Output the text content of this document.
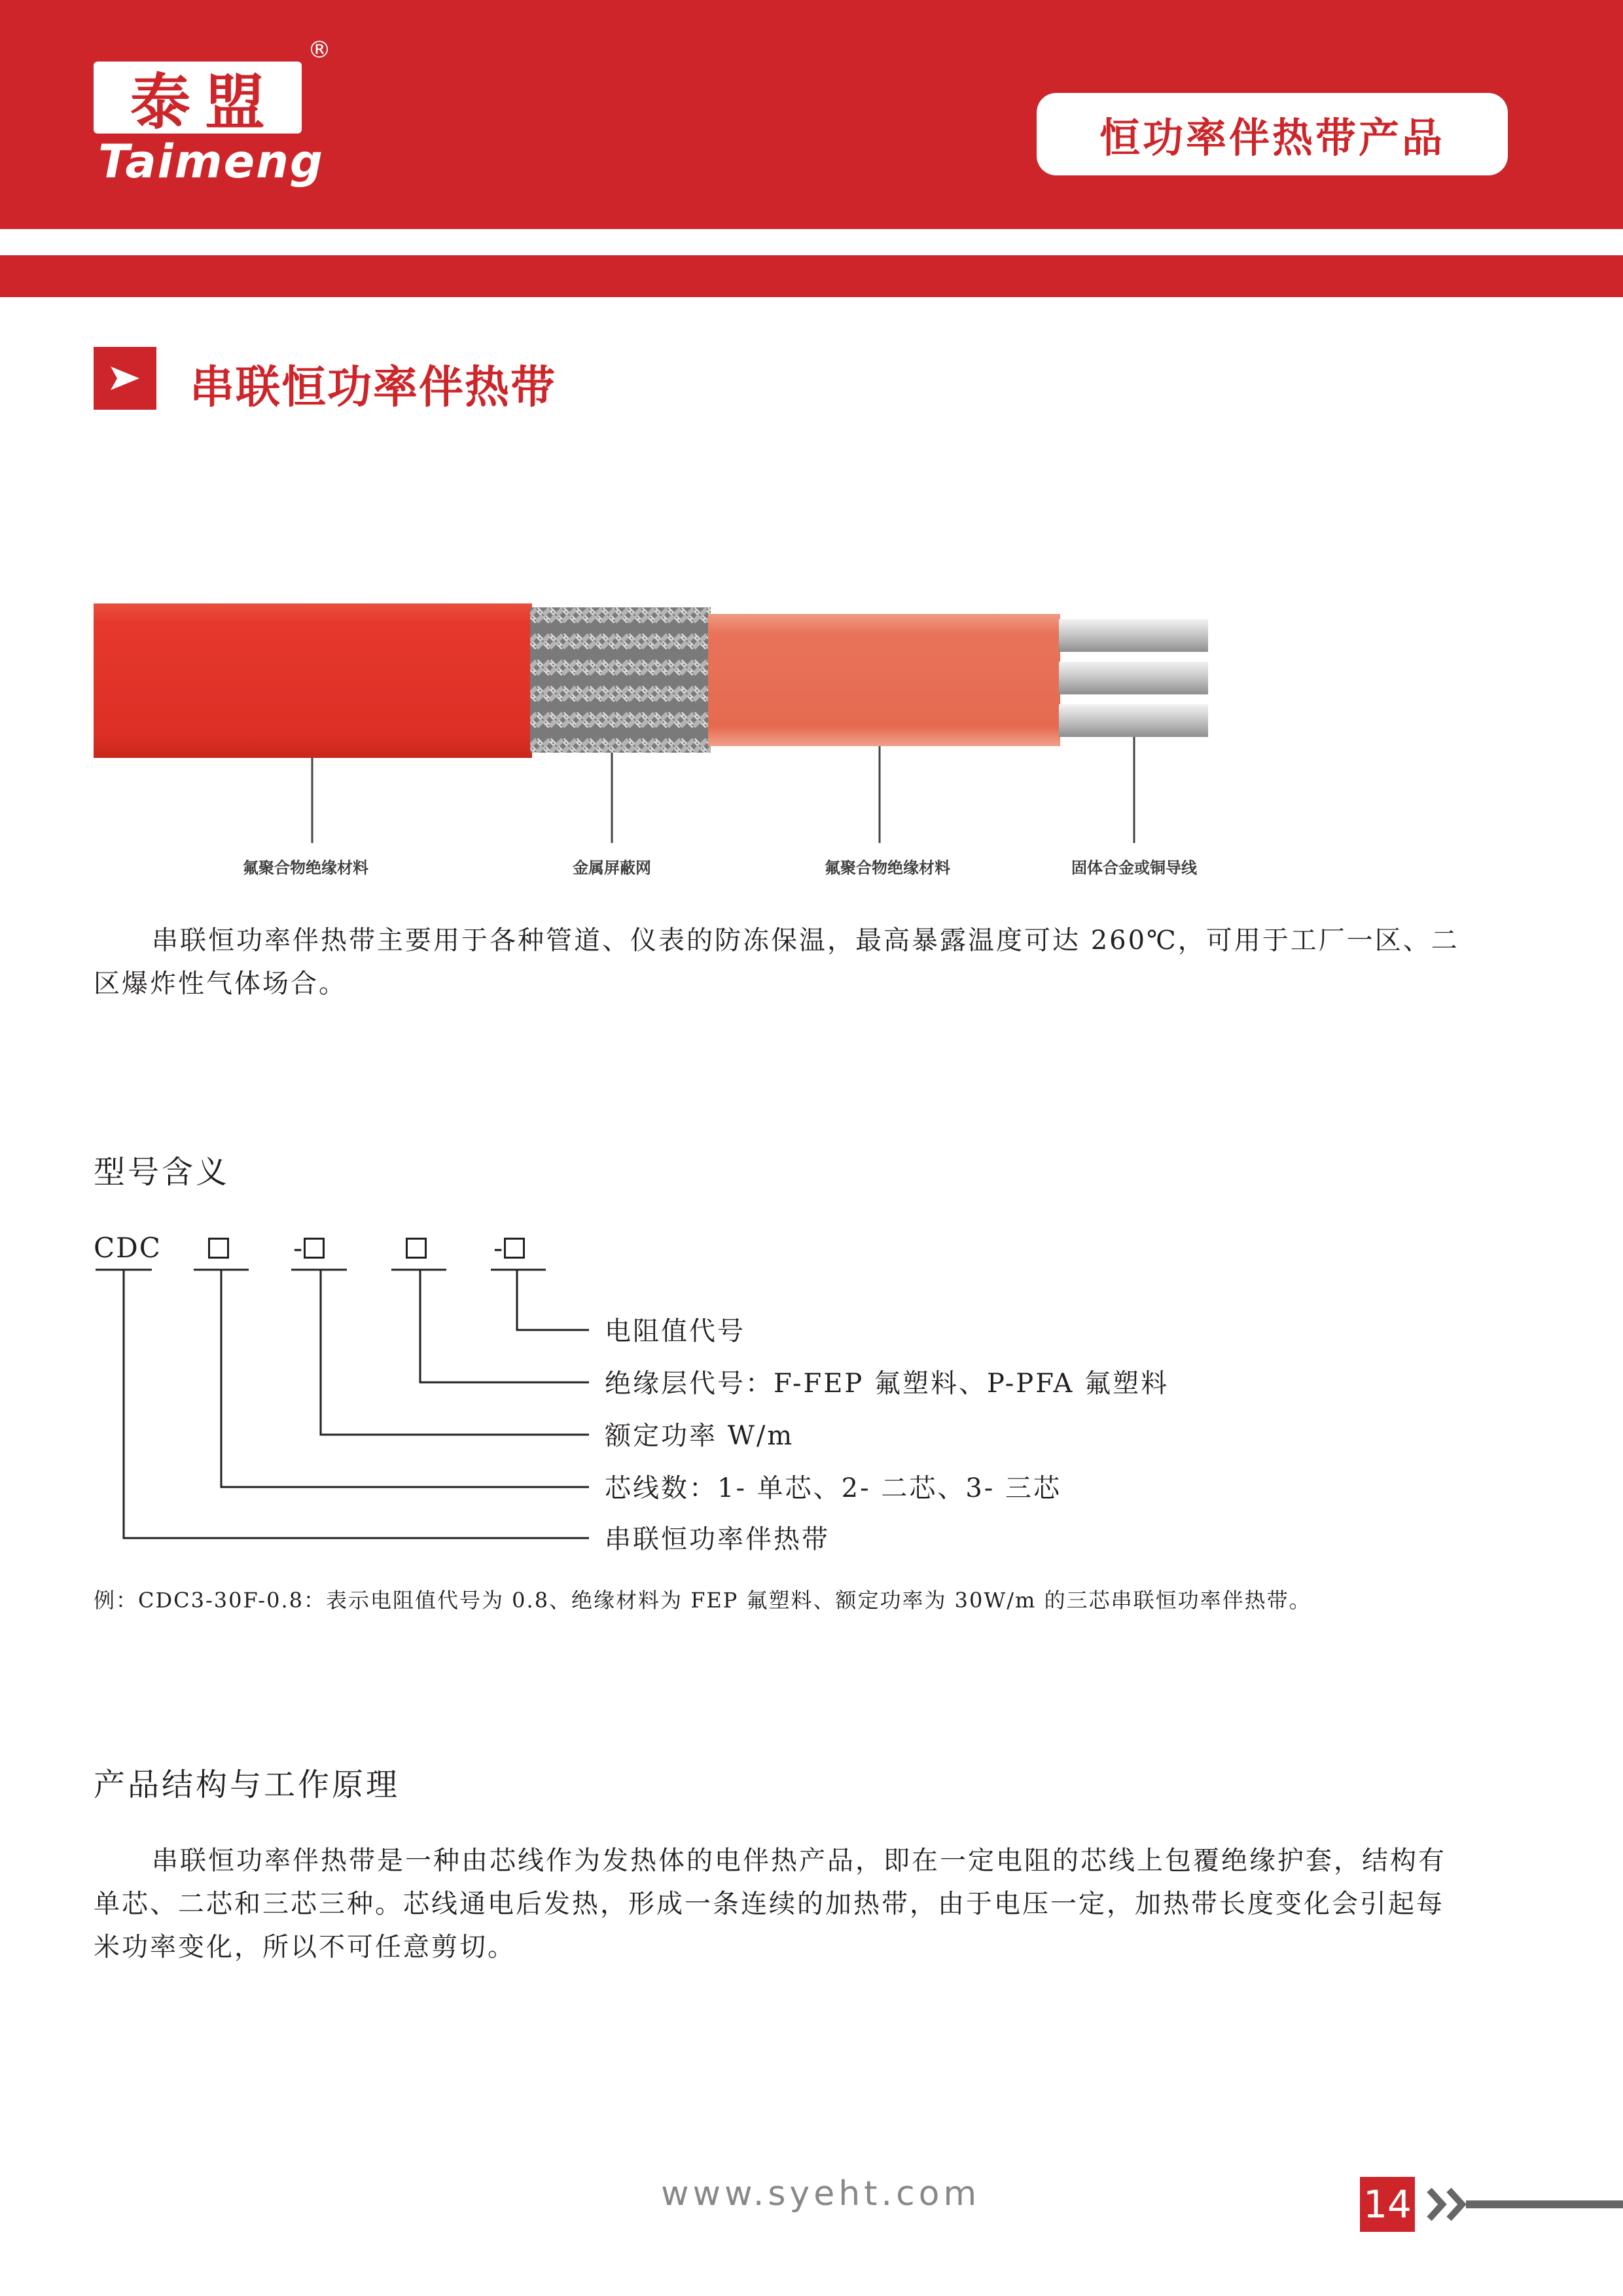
泰盟
®
Taimeng	恒功率伴热带产品
串联恒功率伴热带
氟聚合物绝缘材料	金属屏蔽网	氟聚合物绝缘材料	固体合金或铜导线
串联恒功率伴热带主要用于各种管道、仪表的防冻保温，最高暴露温度可达 260℃，可用于工厂一区、二
区爆炸性气体场合。
型号含义
CDC	-	-
电阻值代号
绝缘层代号：F-FEP 氟塑料、P-PFA 氟塑料
额定功率 W/m
芯线数：1- 单芯、2- 二芯、3- 三芯
串联恒功率伴热带
例：CDC3-30F-0.8：表示电阻值代号为 0.8、绝缘材料为 FEP 氟塑料、额定功率为 30W/m 的三芯串联恒功率伴热带。
产品结构与工作原理
串联恒功率伴热带是一种由芯线作为发热体的电伴热产品，即在一定电阻的芯线上包覆绝缘护套，结构有
单芯、二芯和三芯三种。芯线通电后发热，形成一条连续的加热带，由于电压一定，加热带长度变化会引起每
米功率变化，所以不可任意剪切。
www.syeht.com	14
